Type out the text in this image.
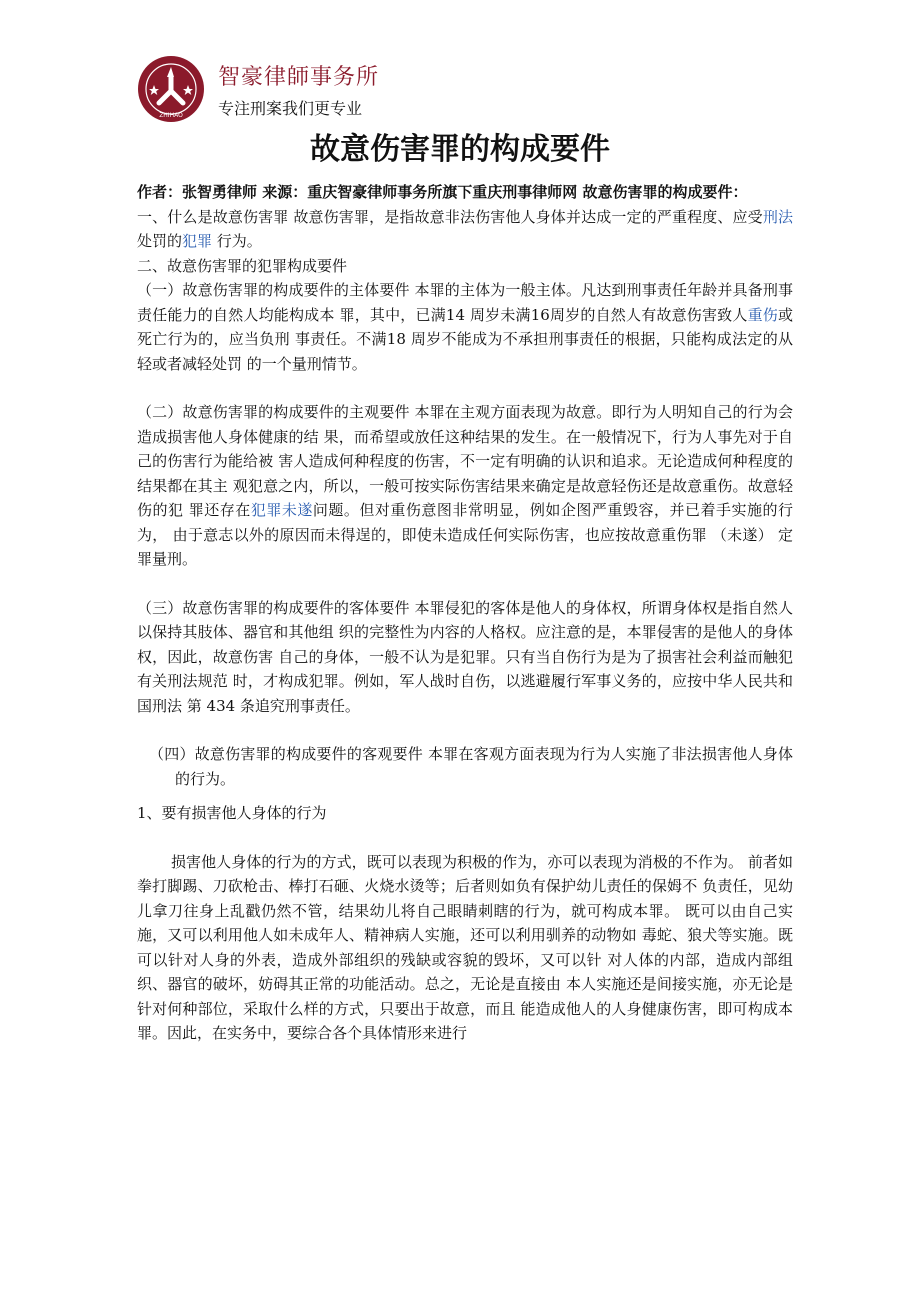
ZHIHAO
智豪律師事务所
专注刑案我们更专业
故意伤害罪的构成要件

作者：张智勇律师 来源：重庆智豪律师事务所旗下重庆刑事律师网 故意伤害罪的构成要件：

一、什么是故意伤害罪 故意伤害罪，是指故意非法伤害他人身体并达成一定的严重程度、应受刑法处罚的犯罪 行为。

二、故意伤害罪的犯罪构成要件

（一）故意伤害罪的构成要件的主体要件 本罪的主体为一般主体。凡达到刑事责任年龄并具备刑事责任能力的自然人均能构成本 罪，其中，已满14 周岁未满16周岁的自然人有故意伤害致人重伤或死亡行为的，应当负刑 事责任。不满18 周岁不能成为不承担刑事责任的根据，只能构成法定的从轻或者减轻处罚 的一个量刑情节。

（二）故意伤害罪的构成要件的主观要件 本罪在主观方面表现为故意。即行为人明知自己的行为会造成损害他人身体健康的结 果，而希望或放任这种结果的发生。在一般情况下，行为人事先对于自己的伤害行为能给被 害人造成何种程度的伤害，不一定有明确的认识和追求。无论造成何种程度的结果都在其主 观犯意之内，所以，一般可按实际伤害结果来确定是故意轻伤还是故意重伤。故意轻伤的犯 罪还存在犯罪未遂问题。但对重伤意图非常明显，例如企图严重毁容，并已着手实施的行为， 由于意志以外的原因而未得逞的，即使未造成任何实际伤害，也应按故意重伤罪 （未遂） 定罪量刑。

（三）故意伤害罪的构成要件的客体要件 本罪侵犯的客体是他人的身体权，所谓身体权是指自然人以保持其肢体、器官和其他组 织的完整性为内容的人格权。应注意的是，本罪侵害的是他人的身体权，因此，故意伤害 自己的身体，一般不认为是犯罪。只有当自伤行为是为了损害社会利益而触犯有关刑法规范 时，才构成犯罪。例如，军人战时自伤，以逃避履行军事义务的，应按中华人民共和国刑法 第 434 条追究刑事责任。

（四）故意伤害罪的构成要件的客观要件 本罪在客观方面表现为行为人实施了非法损害他人身体的行为。

1、要有损害他人身体的行为

损害他人身体的行为的方式，既可以表现为积极的作为，亦可以表现为消极的不作为。 前者如拳打脚踢、刀砍枪击、棒打石砸、火烧水烫等；后者则如负有保护幼儿责任的保姆不 负责任，见幼儿拿刀往身上乱戳仍然不管，结果幼儿将自己眼睛刺瞎的行为，就可构成本罪。 既可以由自己实施，又可以利用他人如未成年人、精神病人实施，还可以利用驯养的动物如 毒蛇、狼犬等实施。既可以针对人身的外表，造成外部组织的残缺或容貌的毁坏，又可以针 对人体的内部，造成内部组织、器官的破坏，妨碍其正常的功能活动。总之，无论是直接由 本人实施还是间接实施，亦无论是针对何种部位，采取什么样的方式，只要出于故意，而且 能造成他人的人身健康伤害，即可构成本罪。因此，在实务中，要综合各个具体情形来进行
